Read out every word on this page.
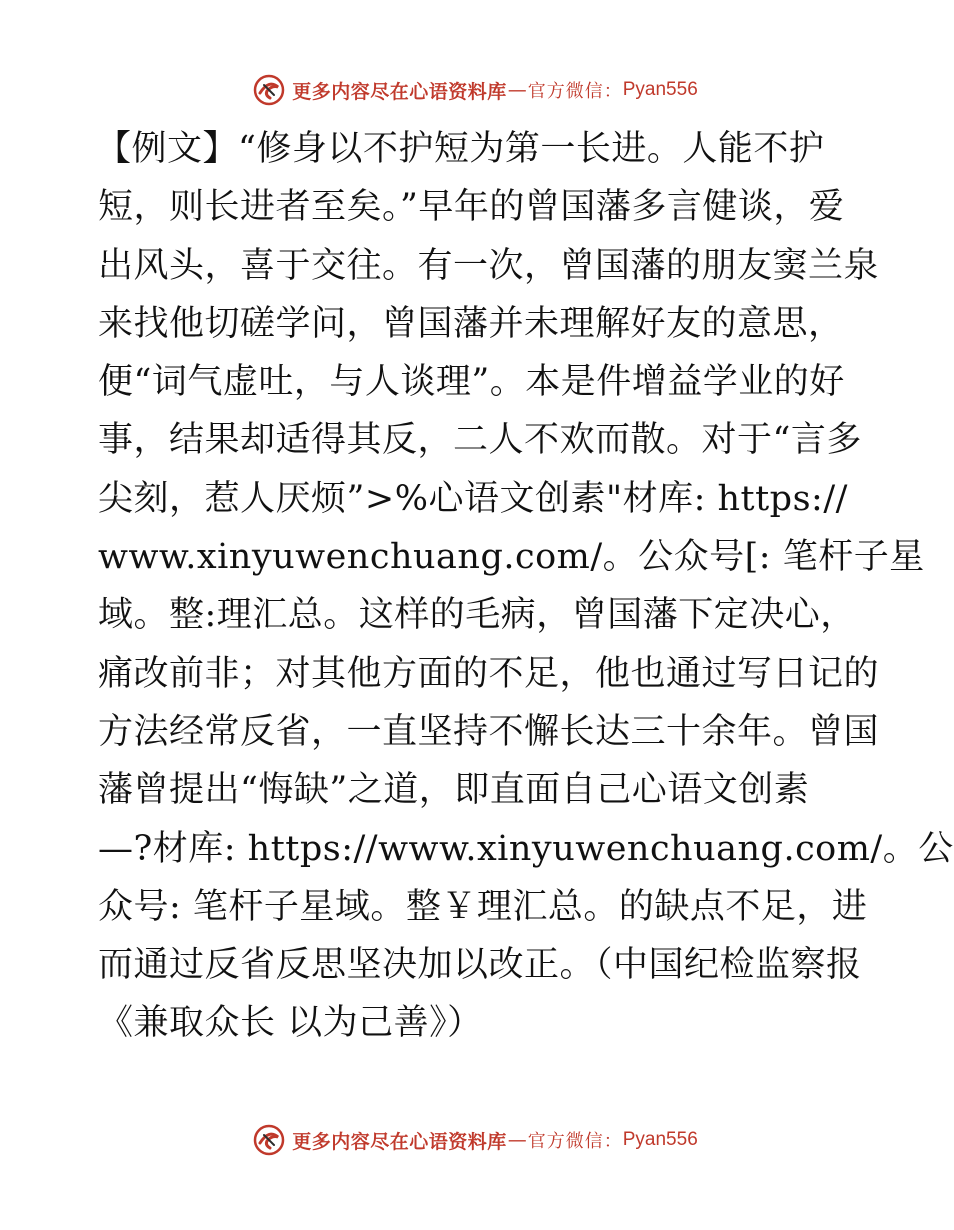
更多内容尽在心语资料库 — 官方微信： Pyan556
【例文】“修身以不护短为第一长进。人能不护
短，则长进者至矣。”早年的曾国藩多言健谈，爱
出风头，喜于交往。有一次，曾国藩的朋友窦兰泉
来找他切磋学问，曾国藩并未理解好友的意思，
便“词气虚吐，与人谈理”。本是件增益学业的好
事，结果却适得其反，二人不欢而散。对于“言多
尖刻，惹人厌烦”>%心语文创素"材库: https://
www.xinyuwenchuang.com/。公众号[: 笔杆子星
域。整:理汇总。这样的毛病，曾国藩下定决心，
痛改前非；对其他方面的不足，他也通过写日记的
方法经常反省，一直坚持不懈长达三十余年。曾国
藩曾提出“悔缺”之道，即直面自己心语文创素
—?材库: https://www.xinyuwenchuang.com/。公
众号: 笔杆子星域。整￥理汇总。的缺点不足，进
而通过反省反思坚决加以改正。（中国纪检监察报
《兼取众长 以为己善》）
更多内容尽在心语资料库 — 官方微信： Pyan556
